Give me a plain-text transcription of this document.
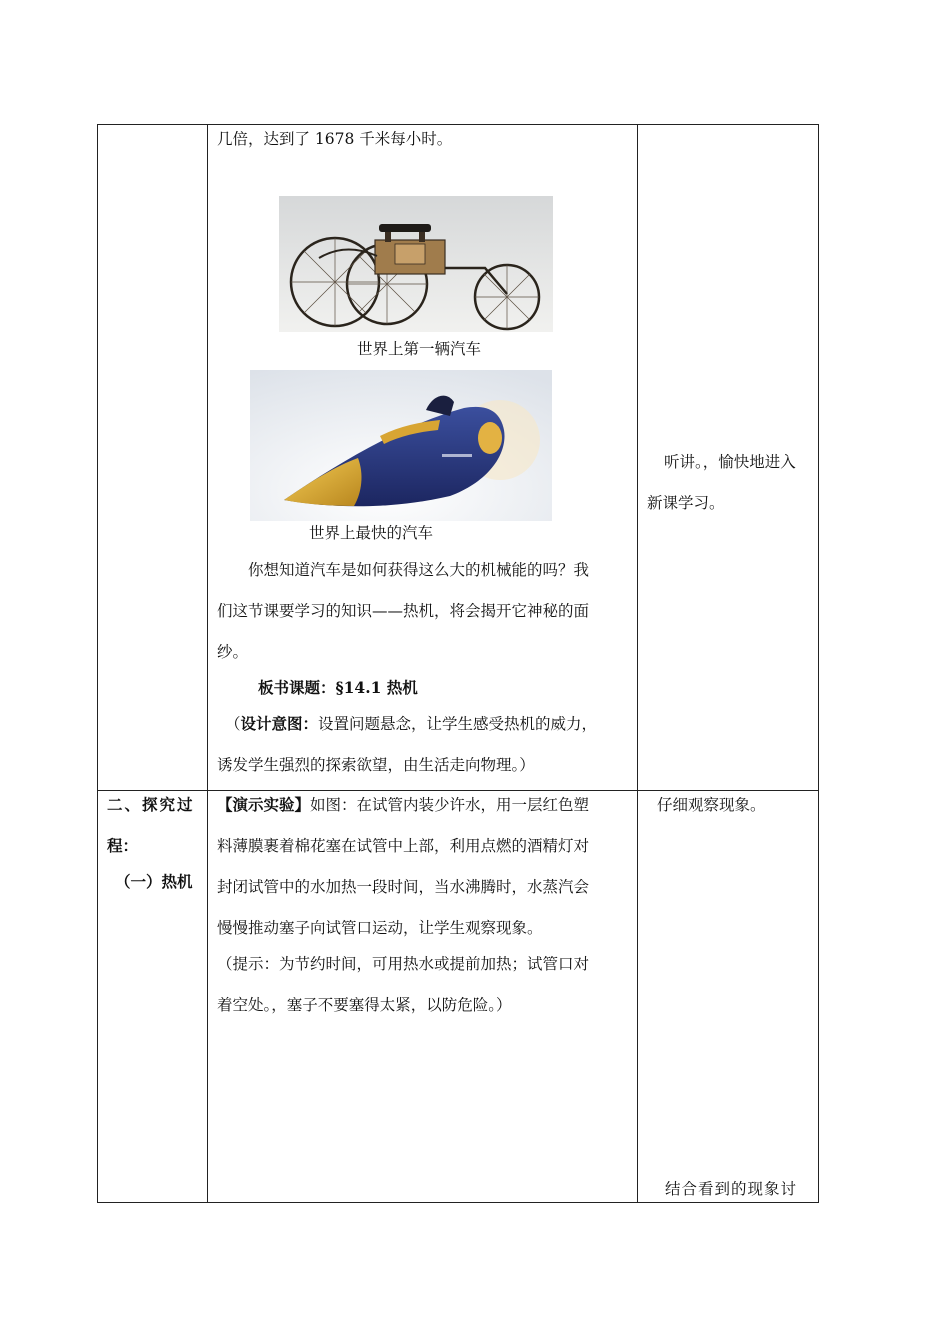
几倍，达到了 1678 千米每小时。
世界上第一辆汽车
世界上最快的汽车
你想知道汽车是如何获得这么大的机械能的吗？我
们这节课要学习的知识——热机，将会揭开它神秘的面
纱。
板书课题：§14.1 热机
（设计意图：设置问题悬念，让学生感受热机的威力，
诱发学生强烈的探索欲望，由生活走向物理。）
听讲。，愉快地进入
新课学习。
二、探究过
程：
（一）热机
【演示实验】如图：在试管内装少许水，用一层红色塑
料薄膜裹着棉花塞在试管中上部，利用点燃的酒精灯对
封闭试管中的水加热一段时间，当水沸腾时，水蒸汽会
慢慢推动塞子向试管口运动，让学生观察现象。
（提示：为节约时间，可用热水或提前加热；试管口对
着空处。，塞子不要塞得太紧，以防危险。）
仔细观察现象。
结合看到的现象讨
